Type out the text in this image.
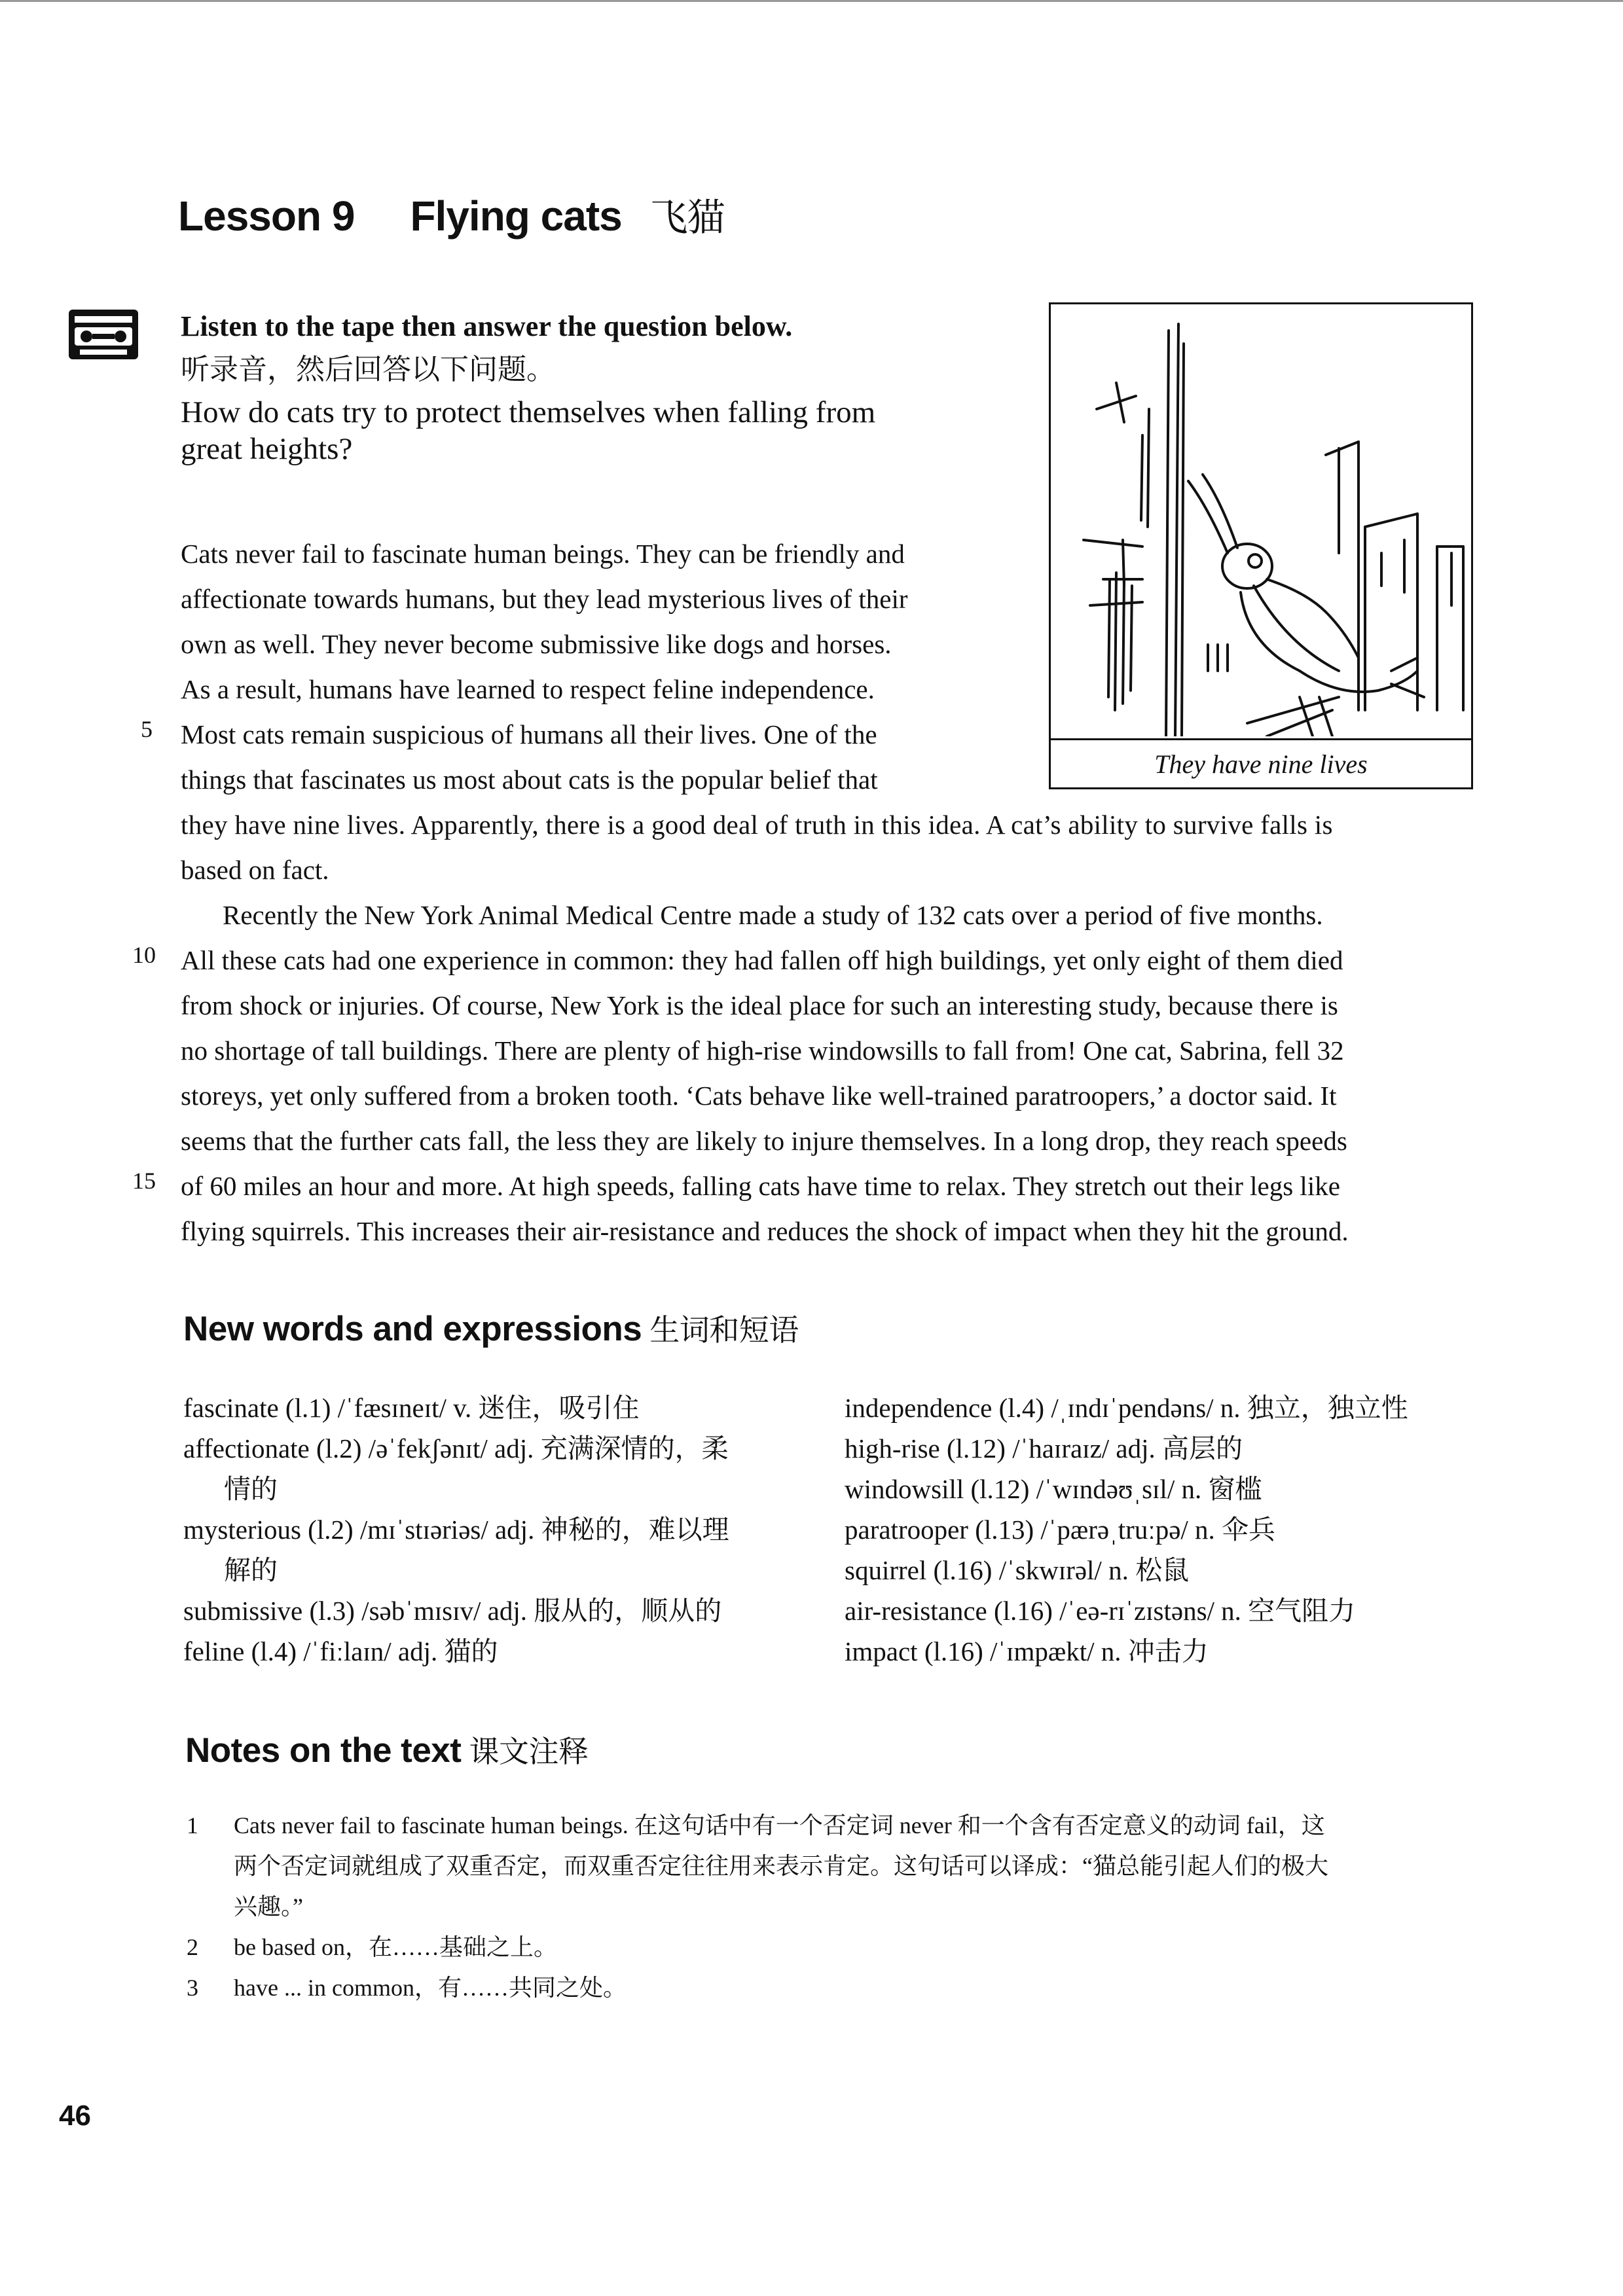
Lesson 9 Flying cats 飞猫
Listen to the tape then answer the question below.
听录音，然后回答以下问题。
How do cats try to protect themselves when falling from
great heights?
They have nine lives
Cats never fail to fascinate human beings. They can be friendly and
affectionate towards humans, but they lead mysterious lives of their
own as well. They never become submissive like dogs and horses.
As a result, humans have learned to respect feline independence.
Most cats remain suspicious of humans all their lives. One of the
things that fascinates us most about cats is the popular belief that
they have nine lives. Apparently, there is a good deal of truth in this idea. A cat’s ability to survive falls is
based on fact.
Recently the New York Animal Medical Centre made a study of 132 cats over a period of five months.
All these cats had one experience in common: they had fallen off high buildings, yet only eight of them died
from shock or injuries. Of course, New York is the ideal place for such an interesting study, because there is
no shortage of tall buildings. There are plenty of high-rise windowsills to fall from! One cat, Sabrina, fell 32
storeys, yet only suffered from a broken tooth. ‘Cats behave like well-trained paratroopers,’ a doctor said. It
seems that the further cats fall, the less they are likely to injure themselves. In a long drop, they reach speeds
of 60 miles an hour and more. At high speeds, falling cats have time to relax. They stretch out their legs like
flying squirrels. This increases their air-resistance and reduces the shock of impact when they hit the ground.
5
10
15
New words and expressions 生词和短语
fascinate (l.1) /ˈfæsɪneɪt/ v. 迷住，吸引住
affectionate (l.2) /əˈfekʃənɪt/ adj. 充满深情的，柔
情的
mysterious (l.2) /mɪˈstɪəriəs/ adj. 神秘的，难以理
解的
submissive (l.3) /səbˈmɪsɪv/ adj. 服从的，顺从的
feline (l.4) /ˈfiːlaɪn/ adj. 猫的
independence (l.4) /ˌɪndɪˈpendəns/ n. 独立，独立性
high-rise (l.12) /ˈhaɪraɪz/ adj. 高层的
windowsill (l.12) /ˈwɪndəʊˌsɪl/ n. 窗槛
paratrooper (l.13) /ˈpærəˌtruːpə/ n. 伞兵
squirrel (l.16) /ˈskwɪrəl/ n. 松鼠
air-resistance (l.16) /ˈeə-rɪˈzɪstəns/ n. 空气阻力
impact (l.16) /ˈɪmpækt/ n. 冲击力
Notes on the text 课文注释
1 Cats never fail to fascinate human beings. 在这句话中有一个否定词 never 和一个含有否定意义的动词 fail，这
两个否定词就组成了双重否定，而双重否定往往用来表示肯定。这句话可以译成：“猫总能引起人们的极大
兴趣。”
2 be based on，在……基础之上。
3 have ... in common，有……共同之处。
46
